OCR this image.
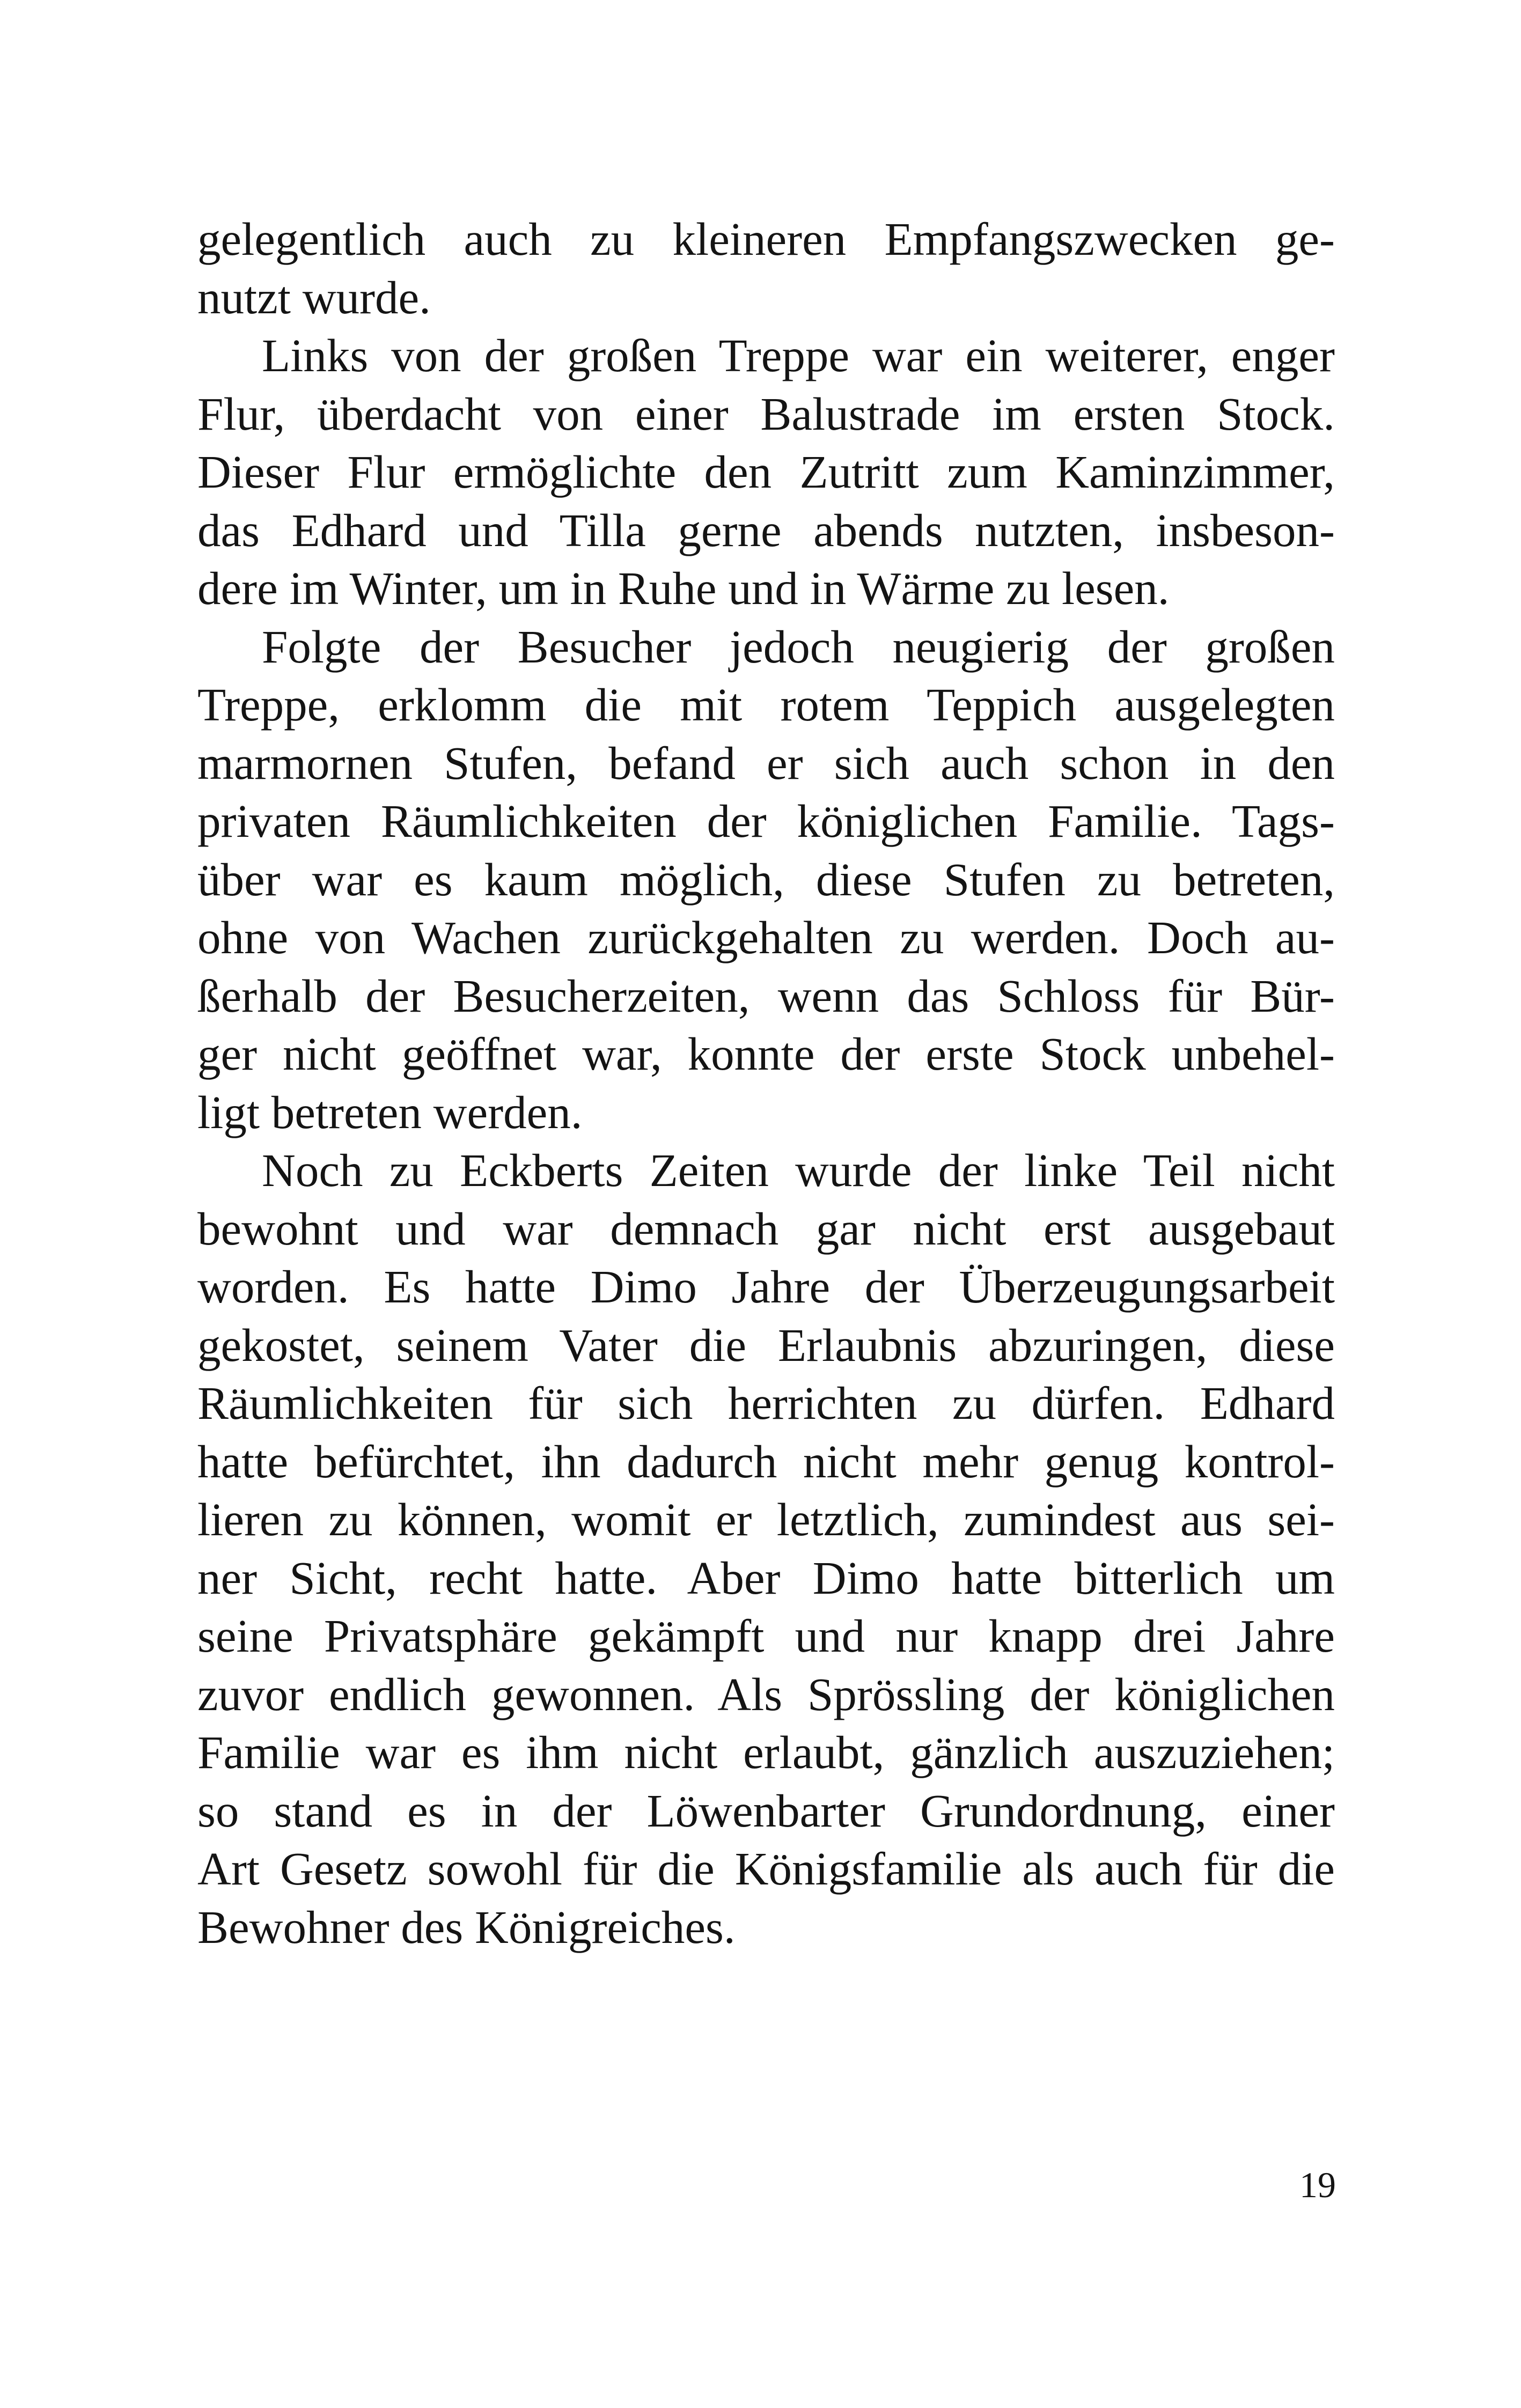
gelegentlich auch zu kleineren Empfangszwecken ge-
nutzt wurde.
Links von der großen Treppe war ein weiterer, enger
Flur, überdacht von einer Balustrade im ersten Stock.
Dieser Flur ermöglichte den Zutritt zum Kaminzimmer,
das Edhard und Tilla gerne abends nutzten, insbeson-
dere im Winter, um in Ruhe und in Wärme zu lesen.
Folgte der Besucher jedoch neugierig der großen
Treppe, erklomm die mit rotem Teppich ausgelegten
marmornen Stufen, befand er sich auch schon in den
privaten Räumlichkeiten der königlichen Familie. Tags-
über war es kaum möglich, diese Stufen zu betreten,
ohne von Wachen zurückgehalten zu werden. Doch au-
ßerhalb der Besucherzeiten, wenn das Schloss für Bür-
ger nicht geöffnet war, konnte der erste Stock unbehel-
ligt betreten werden.
Noch zu Eckberts Zeiten wurde der linke Teil nicht
bewohnt und war demnach gar nicht erst ausgebaut
worden. Es hatte Dimo Jahre der Überzeugungsarbeit
gekostet, seinem Vater die Erlaubnis abzuringen, diese
Räumlichkeiten für sich herrichten zu dürfen. Edhard
hatte befürchtet, ihn dadurch nicht mehr genug kontrol-
lieren zu können, womit er letztlich, zumindest aus sei-
ner Sicht, recht hatte. Aber Dimo hatte bitterlich um
seine Privatsphäre gekämpft und nur knapp drei Jahre
zuvor endlich gewonnen. Als Sprössling der königlichen
Familie war es ihm nicht erlaubt, gänzlich auszuziehen;
so stand es in der Löwenbarter Grundordnung, einer
Art Gesetz sowohl für die Königsfamilie als auch für die
Bewohner des Königreiches.
19
